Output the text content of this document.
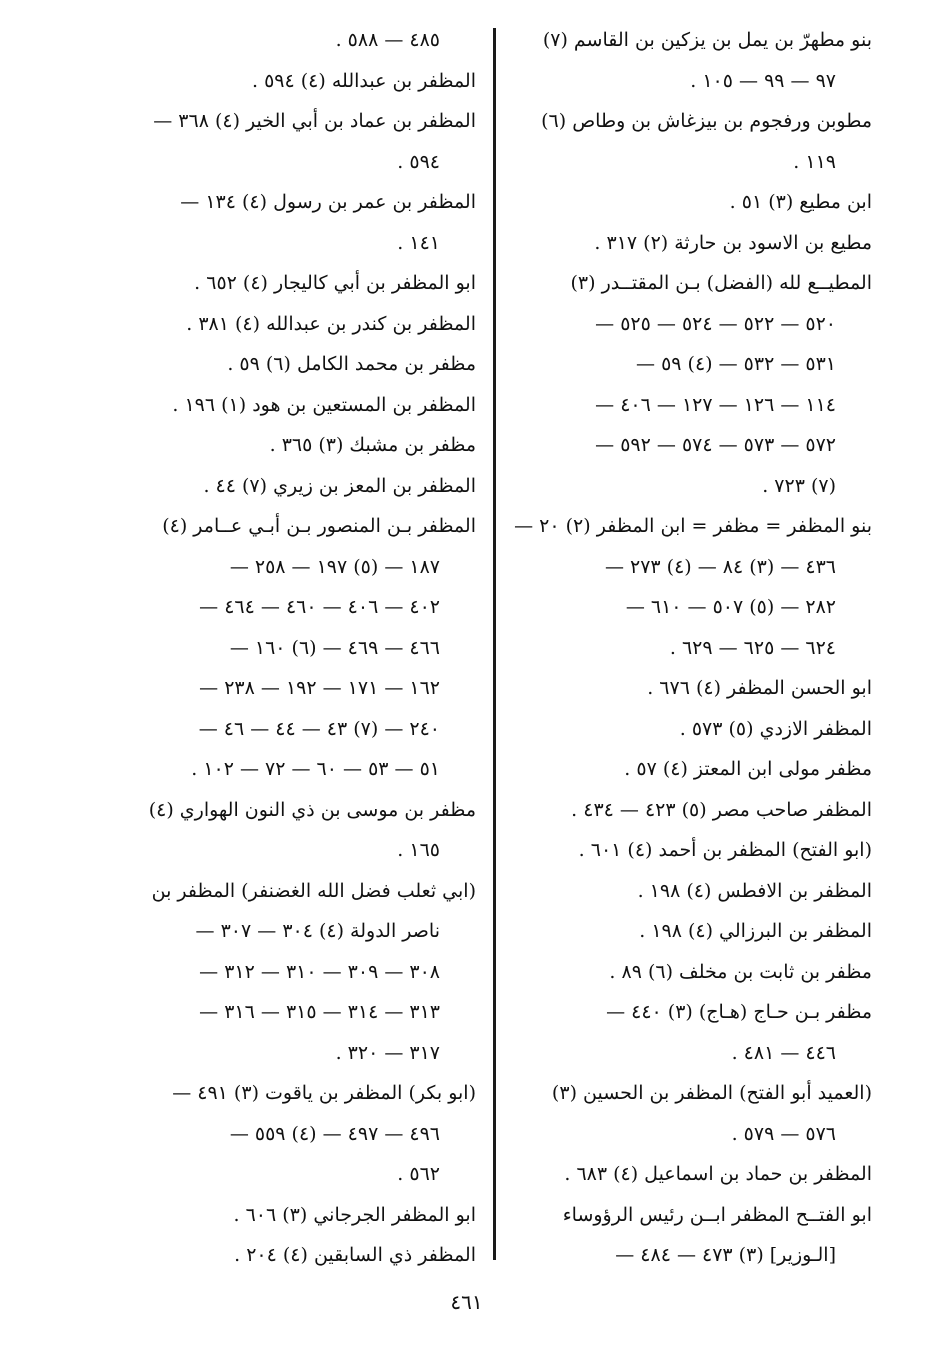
بنو مطهرّ بن يمل بن يزكين بن القاسم (٧)
٩٧ — ٩٩ — ١٠٥ .
مطوبن ورفجوم بن بيزغاش بن وطاص (٦)
١١٩ .
ابن مطيع (٣) ٥١ .
مطيع بن الاسود بن حارثة (٢) ٣١٧ .
المطيــع لله (الفضل) بـن المقتــدر (٣)
٥٢٠ — ٥٢٢ — ٥٢٤ — ٥٢٥ —
٥٣١ — ٥٣٢ — (٤) ٥٩ —
١١٤ — ١٢٦ — ١٢٧ — ٤٠٦ —
٥٧٢ — ٥٧٣ — ٥٧٤ — ٥٩٢ —
(٧) ٧٢٣ .
بنو المظفر = مظفر = ابن المظفر (٢) ٢٠ —
٤٣٦ — (٣) ٨٤ — (٤) ٢٧٣ —
٢٨٢ — (٥) ٥٠٧ — ٦١٠ —
٦٢٤ — ٦٢٥ — ٦٢٩ .
ابو الحسن المظفر (٤) ٦٧٦ .
المظفر الازدي (٥) ٥٧٣ .
مظفر مولى ابن المعتز (٤) ٥٧ .
المظفر صاحب مصر (٥) ٤٢٣ — ٤٣٤ .
(ابو الفتح) المظفر بن أحمد (٤) ٦٠١ .
المظفر بن الافطس (٤) ١٩٨ .
المظفر بن البرزالي (٤) ١٩٨ .
مظفر بن ثابت بن مخلف (٦) ٨٩ .
مظفر بـن حـاج (هـاج) (٣) ٤٤٠ —
٤٤٦ — ٤٨١ .
(العميد أبو الفتح) المظفر بن الحسين (٣)
٥٧٦ — ٥٧٩ .
المظفر بن حماد بن اسماعيل (٤) ٦٨٣ .
ابو الفتــح المظفر ابــن رئيس الرؤوساء
[الـوزير] (٣) ٤٧٣ — ٤٨٤ —
٤٨٥ — ٥٨٨ .
المظفر بن عبدالله (٤) ٥٩٤ .
المظفر بن عماد بن أبي الخير (٤) ٣٦٨ —
٥٩٤ .
المظفر بن عمر بن رسول (٤) ١٣٤ —
١٤١ .
ابو المظفر بن أبي كاليجار (٤) ٦٥٢ .
المظفر بن كندر بن عبدالله (٤) ٣٨١ .
مظفر بن محمد الكامل (٦) ٥٩ .
المظفر بن المستعين بن هود (١) ١٩٦ .
مظفر بن مشبك (٣) ٣٦٥ .
المظفر بن المعز بن زيري (٧) ٤٤ .
المظفر بـن المنصور بـن أبـي عــامر (٤)
١٨٧ — (٥) ١٩٧ — ٢٥٨ —
٤٠٢ — ٤٠٦ — ٤٦٠ — ٤٦٤ —
٤٦٦ — ٤٦٩ — (٦) ١٦٠ —
١٦٢ — ١٧١ — ١٩٢ — ٢٣٨ —
٢٤٠ — (٧) ٤٣ — ٤٤ — ٤٦ —
٥١ — ٥٣ — ٦٠ — ٧٢ — ١٠٢ .
مظفر بن موسى بن ذي النون الهواري (٤)
١٦٥ .
(ابي ثعلب فضل الله الغضنفر) المظفر بن
ناصر الدولة (٤) ٣٠٤ — ٣٠٧ —
٣٠٨ — ٣٠٩ — ٣١٠ — ٣١٢ —
٣١٣ — ٣١٤ — ٣١٥ — ٣١٦ —
٣١٧ — ٣٢٠ .
(ابو بكر) المظفر بن ياقوت (٣) ٤٩١ —
٤٩٦ — ٤٩٧ — (٤) ٥٥٩ —
٥٦٢ .
ابو المظفر الجرجاني (٣) ٦٠٦ .
المظفر ذي السابقين (٤) ٢٠٤ .
٤٦١
